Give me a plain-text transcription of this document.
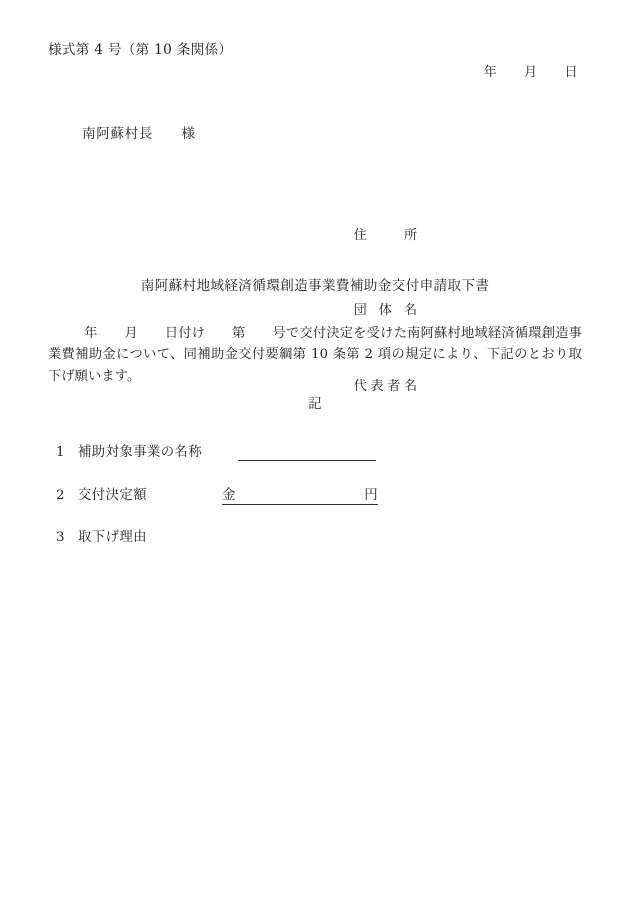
様式第 4 号（第 10 条関係）
年　　月　　日
南阿蘇村長　　様

住　所

団 体 名

代表者名

南阿蘇村地域経済循環創造事業費補助金交付申請取下書
年　　月　　日付け　　第　　号で交付決定を受けた南阿蘇村地域経済循環創造事業費補助金について、同補助金交付要綱第 10 条第 2 項の規定により、下記のとおり取下げ願います。
記
1 補助対象事業の名称
2 交付決定額	金	円
3 取下げ理由
